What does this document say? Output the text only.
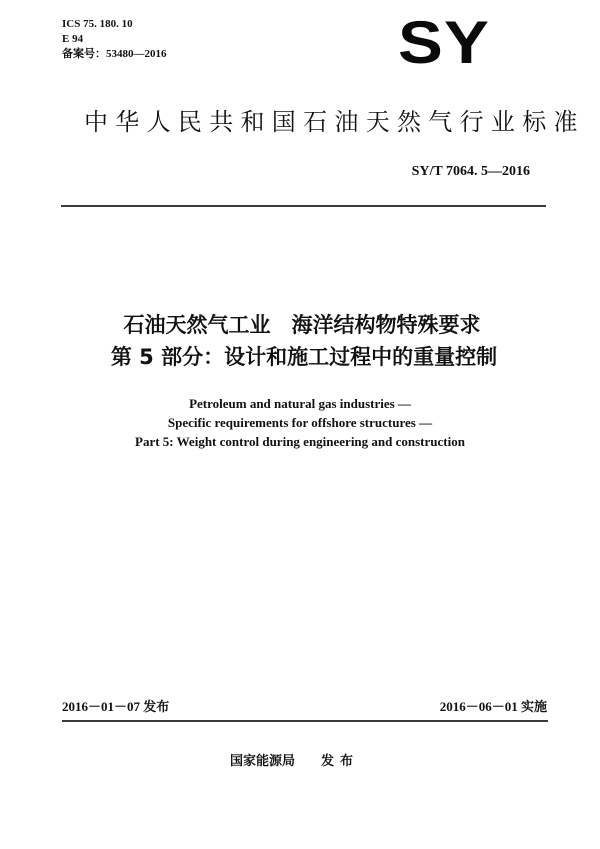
ICS 75. 180. 10
E 94
备案号：53480—2016	SY
中华人民共和国石油天然气行业标准
SY/T 7064. 5—2016
石油天然气工业　海洋结构物特殊要求
第 5 部分：设计和施工过程中的重量控制
Petroleum and natural gas industries —
Specific requirements for offshore structures —
Part 5: Weight control during engineering and construction
2016－01－07 发布	2016－06－01 实施
国家能源局 发布
